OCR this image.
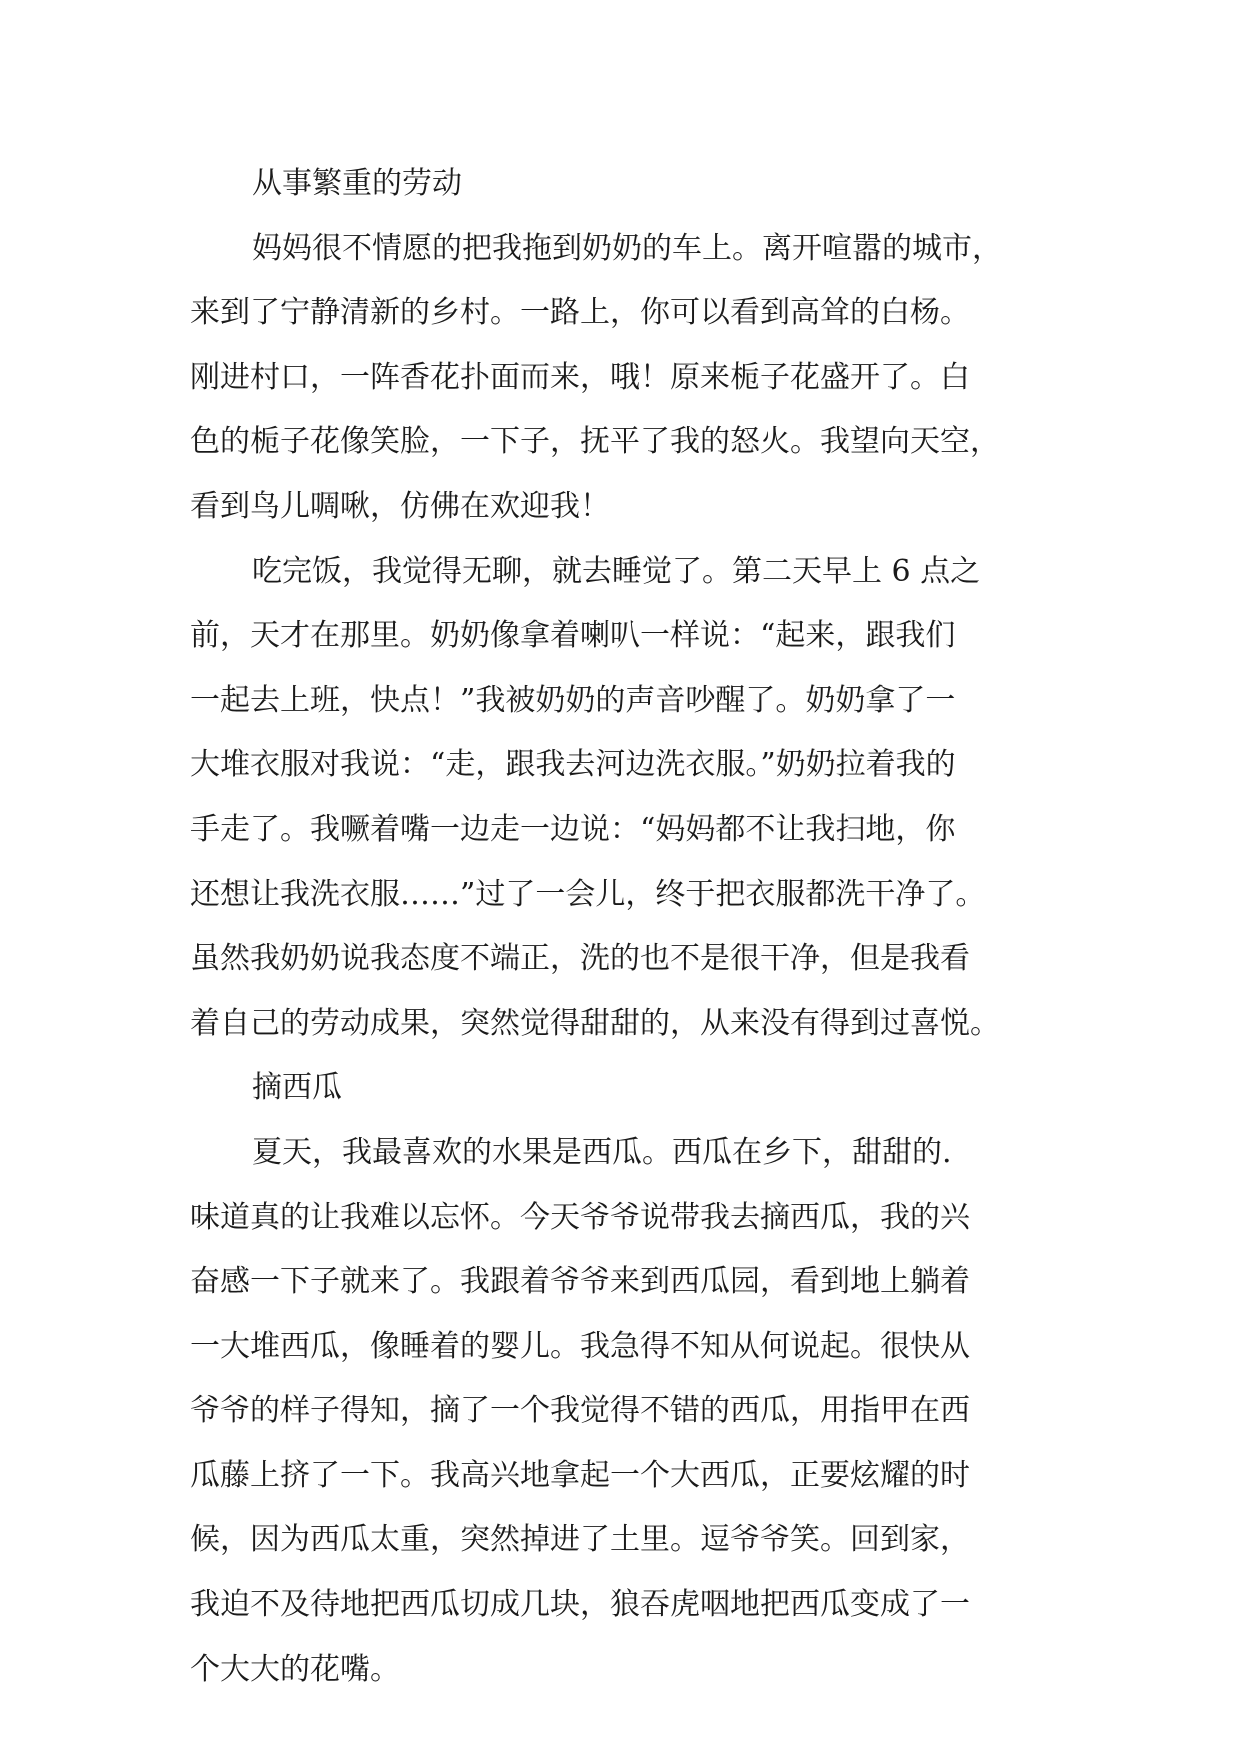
从事繁重的劳动
妈妈很不情愿的把我拖到奶奶的车上。离开喧嚣的城市，
来到了宁静清新的乡村。一路上，你可以看到高耸的白杨。
刚进村口，一阵香花扑面而来，哦！原来栀子花盛开了。白
色的栀子花像笑脸，一下子，抚平了我的怒火。我望向天空，
看到鸟儿啁啾，仿佛在欢迎我！
吃完饭，我觉得无聊，就去睡觉了。第二天早上 6 点之
前，天才在那里。奶奶像拿着喇叭一样说：“起来，跟我们
一起去上班，快点！”我被奶奶的声音吵醒了。奶奶拿了一
大堆衣服对我说：“走，跟我去河边洗衣服。”奶奶拉着我的
手走了。我噘着嘴一边走一边说：“妈妈都不让我扫地，你
还想让我洗衣服……”过了一会儿，终于把衣服都洗干净了。
虽然我奶奶说我态度不端正，洗的也不是很干净，但是我看
着自己的劳动成果，突然觉得甜甜的，从来没有得到过喜悦。
摘西瓜
夏天，我最喜欢的水果是西瓜。西瓜在乡下，甜甜的.
味道真的让我难以忘怀。今天爷爷说带我去摘西瓜，我的兴
奋感一下子就来了。我跟着爷爷来到西瓜园，看到地上躺着
一大堆西瓜，像睡着的婴儿。我急得不知从何说起。很快从
爷爷的样子得知，摘了一个我觉得不错的西瓜，用指甲在西
瓜藤上挤了一下。我高兴地拿起一个大西瓜，正要炫耀的时
候，因为西瓜太重，突然掉进了土里。逗爷爷笑。回到家，
我迫不及待地把西瓜切成几块，狼吞虎咽地把西瓜变成了一
个大大的花嘴。
